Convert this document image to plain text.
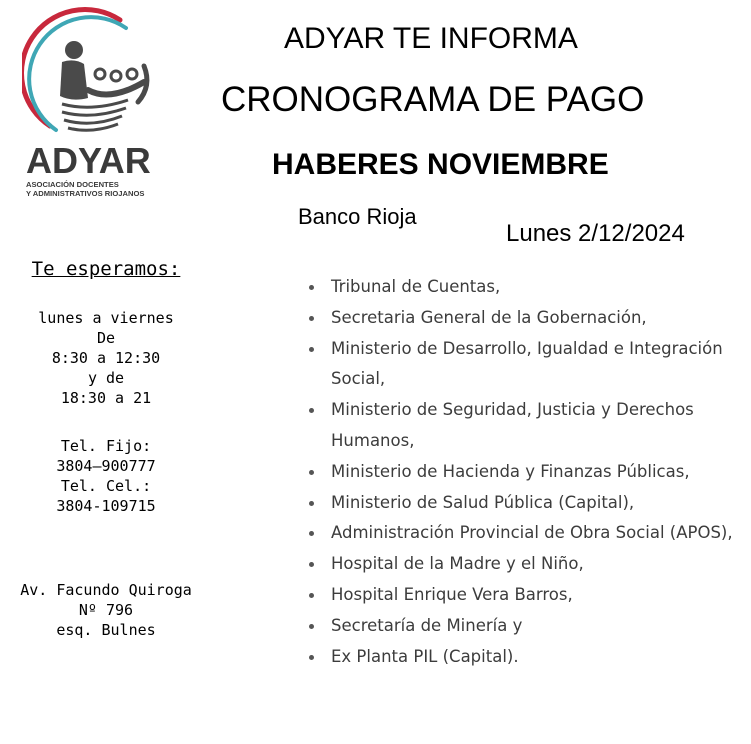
ADYAR
ASOCIACIÓN DOCENTES
Y ADMINISTRATIVOS RIOJANOS
ADYAR TE INFORMA
CRONOGRAMA DE PAGO
HABERES NOVIEMBRE
Banco Rioja
Lunes 2/12/2024
Te esperamos:
lunes a viernes
De
8:30 a 12:30
y de
18:30 a 21
Tel. Fijo:
3804–900777
Tel. Cel.:
3804-109715
Av. Facundo Quiroga
Nº 796
esq. Bulnes
Tribunal de Cuentas,
Secretaria General de la Gobernación,
Ministerio de Desarrollo, Igualdad e Integración Social,
Ministerio de Seguridad, Justicia y Derechos Humanos,
Ministerio de Hacienda y Finanzas Públicas,
Ministerio de Salud Pública (Capital),
Administración Provincial de Obra Social (APOS),
Hospital de la Madre y el Niño,
Hospital Enrique Vera Barros,
Secretaría de Minería y
Ex Planta PIL (Capital).
